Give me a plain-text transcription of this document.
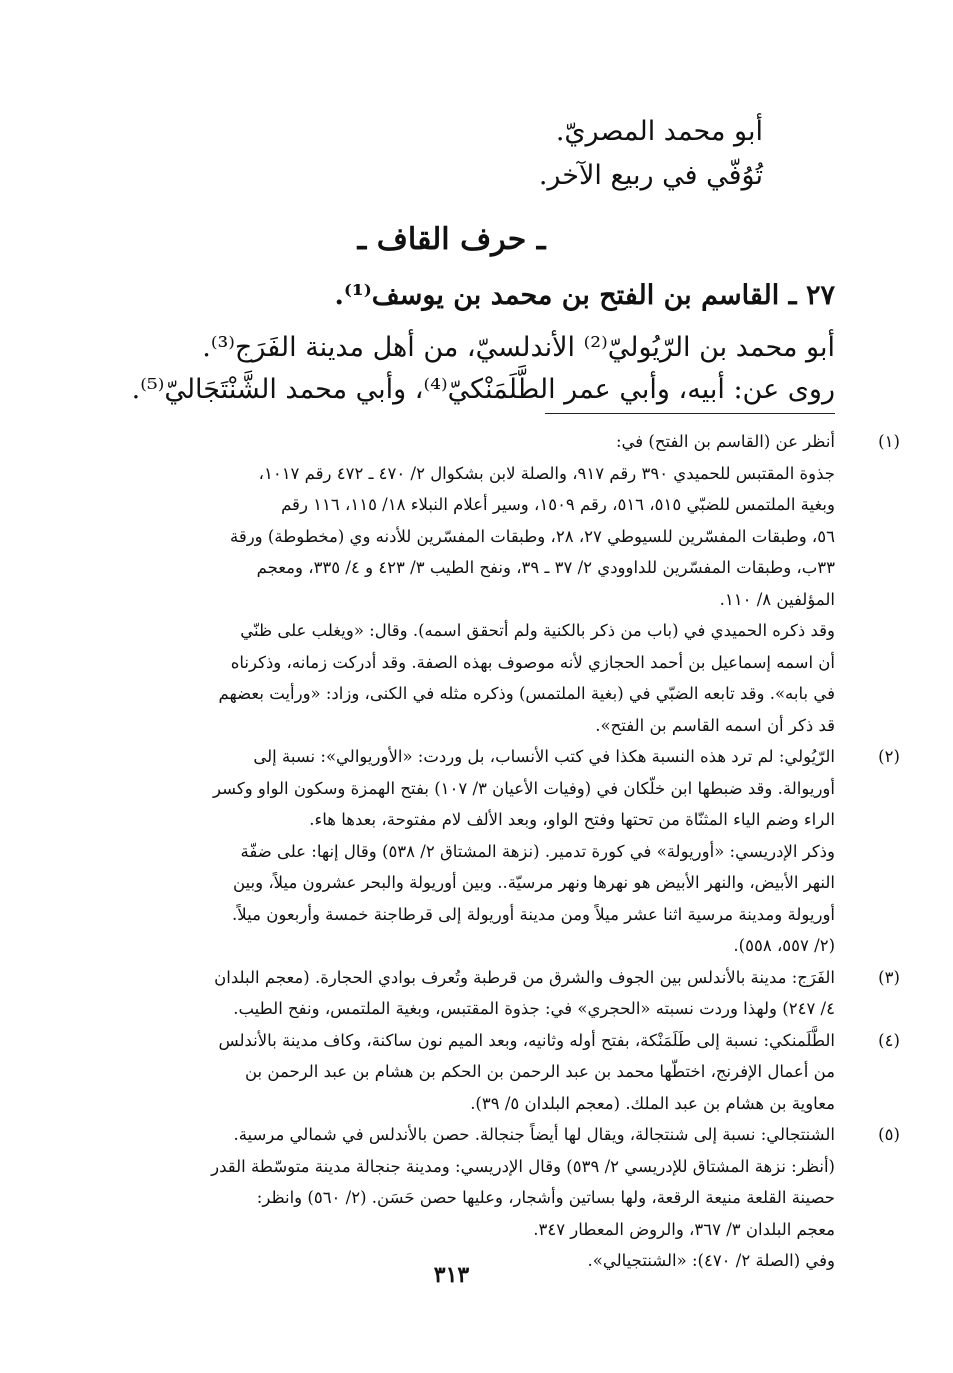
أبو محمد المصريّ.
تُوُفّي في ربيع الآخر.
ـ حرف القاف ـ
٢٧ ـ القاسم بن الفتح بن محمد بن يوسف⁽¹⁾.
أبو محمد بن الرّيُوليّ⁽²⁾ الأندلسيّ، من أهل مدينة الفَرَج⁽³⁾.
روى عن: أبيه، وأبي عمر الطَّلَمَنْكيّ⁽⁴⁾، وأبي محمد الشَّنْتَجَاليّ⁽⁵⁾.
(١)
أنظر عن (القاسم بن الفتح) في:
جذوة المقتبس للحميدي ٣٩٠ رقم ٩١٧، والصلة لابن بشكوال ٢/ ٤٧٠ ـ ٤٧٢ رقم ١٠١٧،
وبغية الملتمس للضبّي ٥١٥، ٥١٦، رقم ١٥٠٩، وسير أعلام النبلاء ١٨/ ١١٥، ١١٦ رقم
٥٦، وطبقات المفسّرين للسيوطي ٢٧، ٢٨، وطبقات المفسّرين للأدنه وي (مخطوطة) ورقة
٣٣ب، وطبقات المفسّرين للداوودي ٢/ ٣٧ ـ ٣٩، ونفح الطيب ٣/ ٤٢٣ و ٤/ ٣٣٥، ومعجم
المؤلفين ٨/ ١١٠.
وقد ذكره الحميدي في (باب من ذكر بالكنية ولم أتحقق اسمه). وقال: «ويغلب على ظنّي
أن اسمه إسماعيل بن أحمد الحجازي لأنه موصوف بهذه الصفة. وقد أدركت زمانه، وذكرناه
في بابه». وقد تابعه الضبّي في (بغية الملتمس) وذكره مثله في الكنى، وزاد: «ورأيت بعضهم
قد ذكر أن اسمه القاسم بن الفتح».
(٢)
الرّيُولي: لم ترد هذه النسبة هكذا في كتب الأنساب، بل وردت: «الأوريوالي»: نسبة إلى
أوريوالة. وقد ضبطها ابن خلّكان في (وفيات الأعيان ٣/ ١٠٧) بفتح الهمزة وسكون الواو وكسر
الراء وضم الياء المثنّاة من تحتها وفتح الواو، وبعد الألف لام مفتوحة، بعدها هاء.
وذكر الإدريسي: «أوريولة» في كورة تدمير. (نزهة المشتاق ٢/ ٥٣٨) وقال إنها: على ضفّة
النهر الأبيض، والنهر الأبيض هو نهرها ونهر مرسيّة.. وبين أوريولة والبحر عشرون ميلاً، وبين
أوريولة ومدينة مرسية اثنا عشر ميلاً ومن مدينة أوريولة إلى قرطاجنة خمسة وأربعون ميلاً.
(٢/ ٥٥٧، ٥٥٨).
(٣)
الفَرَج: مدينة بالأندلس بين الجوف والشرق من قرطبة وتُعرف بوادي الحجارة. (معجم البلدان
٤/ ٢٤٧) ولهذا وردت نسبته «الحجري» في: جذوة المقتبس، وبغية الملتمس، ونفح الطيب.
(٤)
الطَّلَمنكي: نسبة إلى طَلَمَنْكة، بفتح أوله وثانيه، وبعد الميم نون ساكنة، وكاف مدينة بالأندلس
من أعمال الإفرنج، اختطّها محمد بن عبد الرحمن بن الحكم بن هشام بن عبد الرحمن بن
معاوية بن هشام بن عبد الملك. (معجم البلدان ٥/ ٣٩).
(٥)
الشنتجالي: نسبة إلى شنتجالة، ويقال لها أيضاً جنجالة. حصن بالأندلس في شمالي مرسية.
(أنظر: نزهة المشتاق للإدريسي ٢/ ٥٣٩) وقال الإدريسي: ومدينة جنجالة مدينة متوسّطة القدر
حصينة القلعة منيعة الرقعة، ولها بساتين وأشجار، وعليها حصن حَسَن. (٢/ ٥٦٠) وانظر:
معجم البلدان ٣/ ٣٦٧، والروض المعطار ٣٤٧.
وفي (الصلة ٢/ ٤٧٠): «الشنتجيالي».
٣١٣
